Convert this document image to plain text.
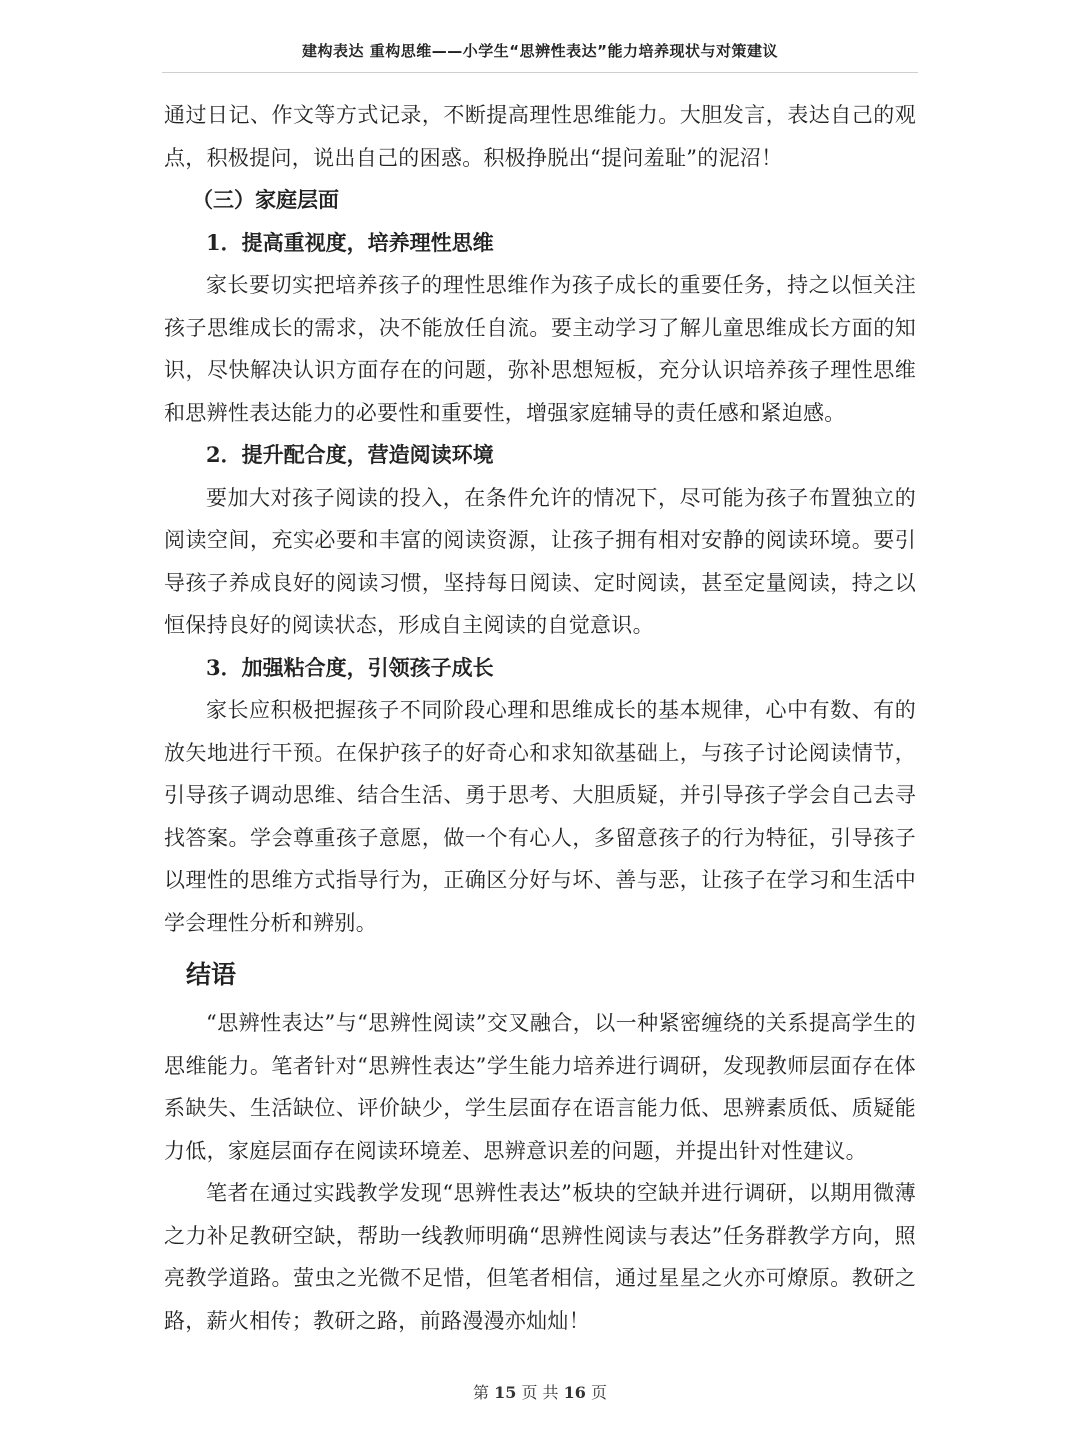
建构表达 重构思维——小学生“思辨性表达”能力培养现状与对策建议

通过日记、作文等方式记录，不断提高理性思维能力。大胆发言，表达自己的观点，积极提问，说出自己的困惑。积极挣脱出“提问羞耻”的泥沼！

（三）家庭层面

1．提高重视度，培养理性思维

家长要切实把培养孩子的理性思维作为孩子成长的重要任务，持之以恒关注孩子思维成长的需求，决不能放任自流。要主动学习了解儿童思维成长方面的知识，尽快解决认识方面存在的问题，弥补思想短板，充分认识培养孩子理性思维和思辨性表达能力的必要性和重要性，增强家庭辅导的责任感和紧迫感。

2．提升配合度，营造阅读环境

要加大对孩子阅读的投入，在条件允许的情况下，尽可能为孩子布置独立的阅读空间，充实必要和丰富的阅读资源，让孩子拥有相对安静的阅读环境。要引导孩子养成良好的阅读习惯，坚持每日阅读、定时阅读，甚至定量阅读，持之以恒保持良好的阅读状态，形成自主阅读的自觉意识。

3．加强粘合度，引领孩子成长

家长应积极把握孩子不同阶段心理和思维成长的基本规律，心中有数、有的放矢地进行干预。在保护孩子的好奇心和求知欲基础上，与孩子讨论阅读情节，引导孩子调动思维、结合生活、勇于思考、大胆质疑，并引导孩子学会自己去寻找答案。学会尊重孩子意愿，做一个有心人，多留意孩子的行为特征，引导孩子以理性的思维方式指导行为，正确区分好与坏、善与恶，让孩子在学习和生活中学会理性分析和辨别。

结语

“思辨性表达”与“思辨性阅读”交叉融合，以一种紧密缠绕的关系提高学生的思维能力。笔者针对“思辨性表达”学生能力培养进行调研，发现教师层面存在体系缺失、生活缺位、评价缺少，学生层面存在语言能力低、思辨素质低、质疑能力低，家庭层面存在阅读环境差、思辨意识差的问题，并提出针对性建议。

笔者在通过实践教学发现“思辨性表达”板块的空缺并进行调研，以期用微薄之力补足教研空缺，帮助一线教师明确“思辨性阅读与表达”任务群教学方向，照亮教学道路。萤虫之光微不足惜，但笔者相信，通过星星之火亦可燎原。教研之路，薪火相传；教研之路，前路漫漫亦灿灿！

第 15 页 共 16 页
